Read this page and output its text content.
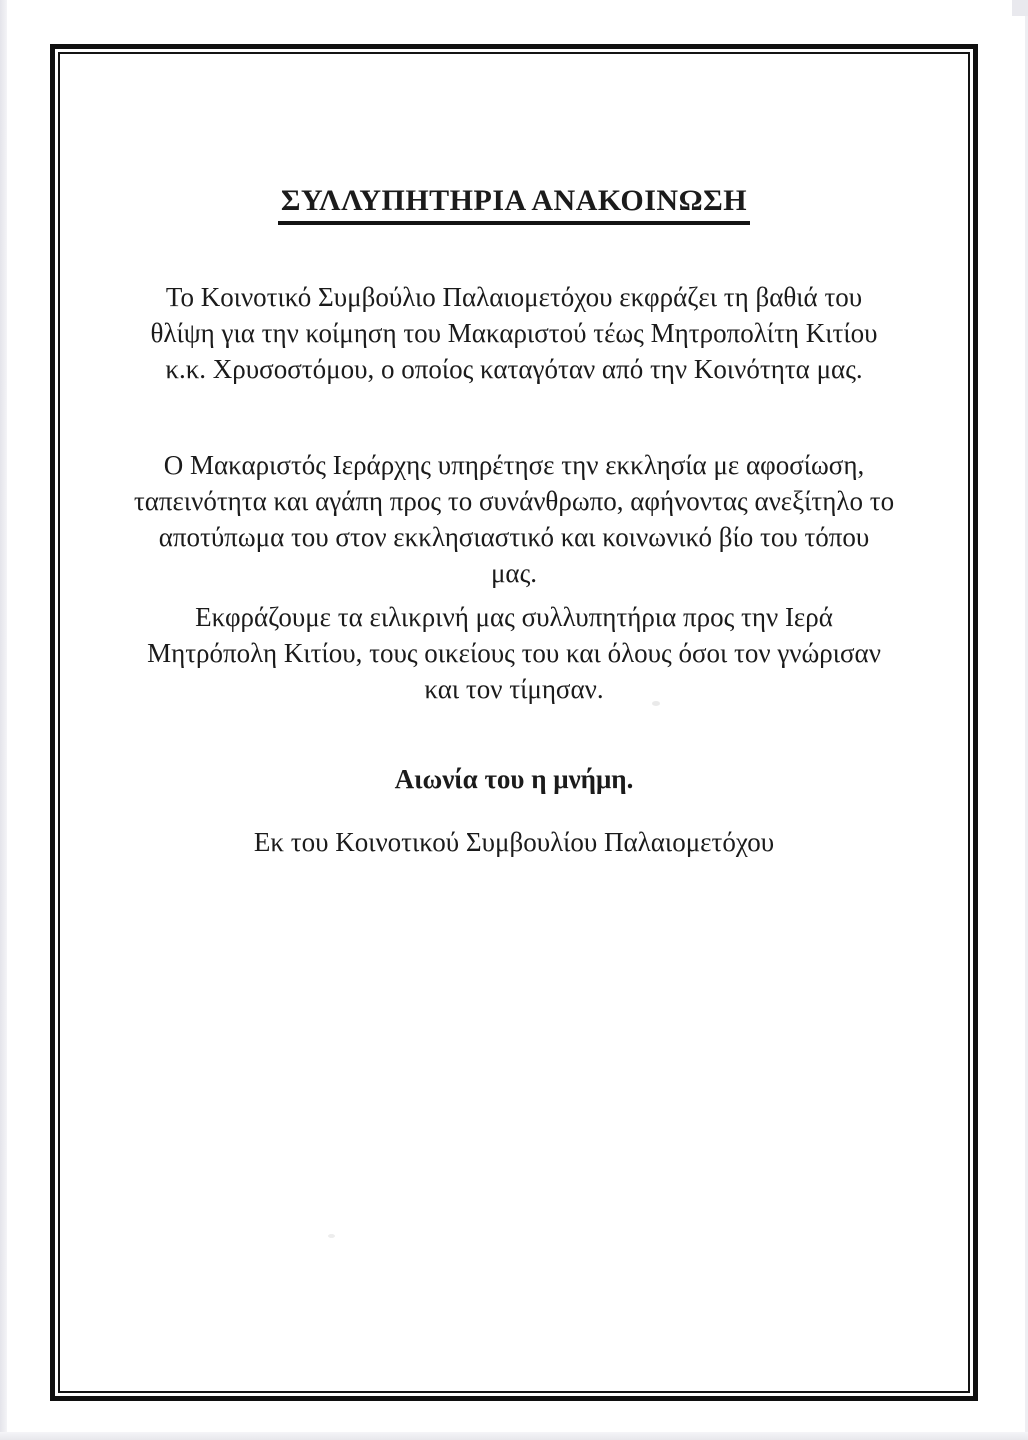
ΣΥΛΛΥΠΗΤΗΡΙΑ ΑΝΑΚΟΙΝΩΣΗ

Το Κοινοτικό Συμβούλιο Παλαιομετόχου εκφράζει τη βαθιά του
θλίψη για την κοίμηση του Μακαριστού τέως Μητροπολίτη Κιτίου
κ.κ. Χρυσοστόμου, ο οποίος καταγόταν από την Κοινότητα μας.

Ο Μακαριστός Ιεράρχης υπηρέτησε την εκκλησία με αφοσίωση,
ταπεινότητα και αγάπη προς το συνάνθρωπο, αφήνοντας ανεξίτηλο το
αποτύπωμα του στον εκκλησιαστικό και κοινωνικό βίο του τόπου
μας.

Εκφράζουμε τα ειλικρινή μας συλλυπητήρια προς την Ιερά
Μητρόπολη Κιτίου, τους οικείους του και όλους όσοι τον γνώρισαν
και τον τίμησαν.

Αιωνία του η μνήμη.

Εκ του Κοινοτικού Συμβουλίου Παλαιομετόχου
